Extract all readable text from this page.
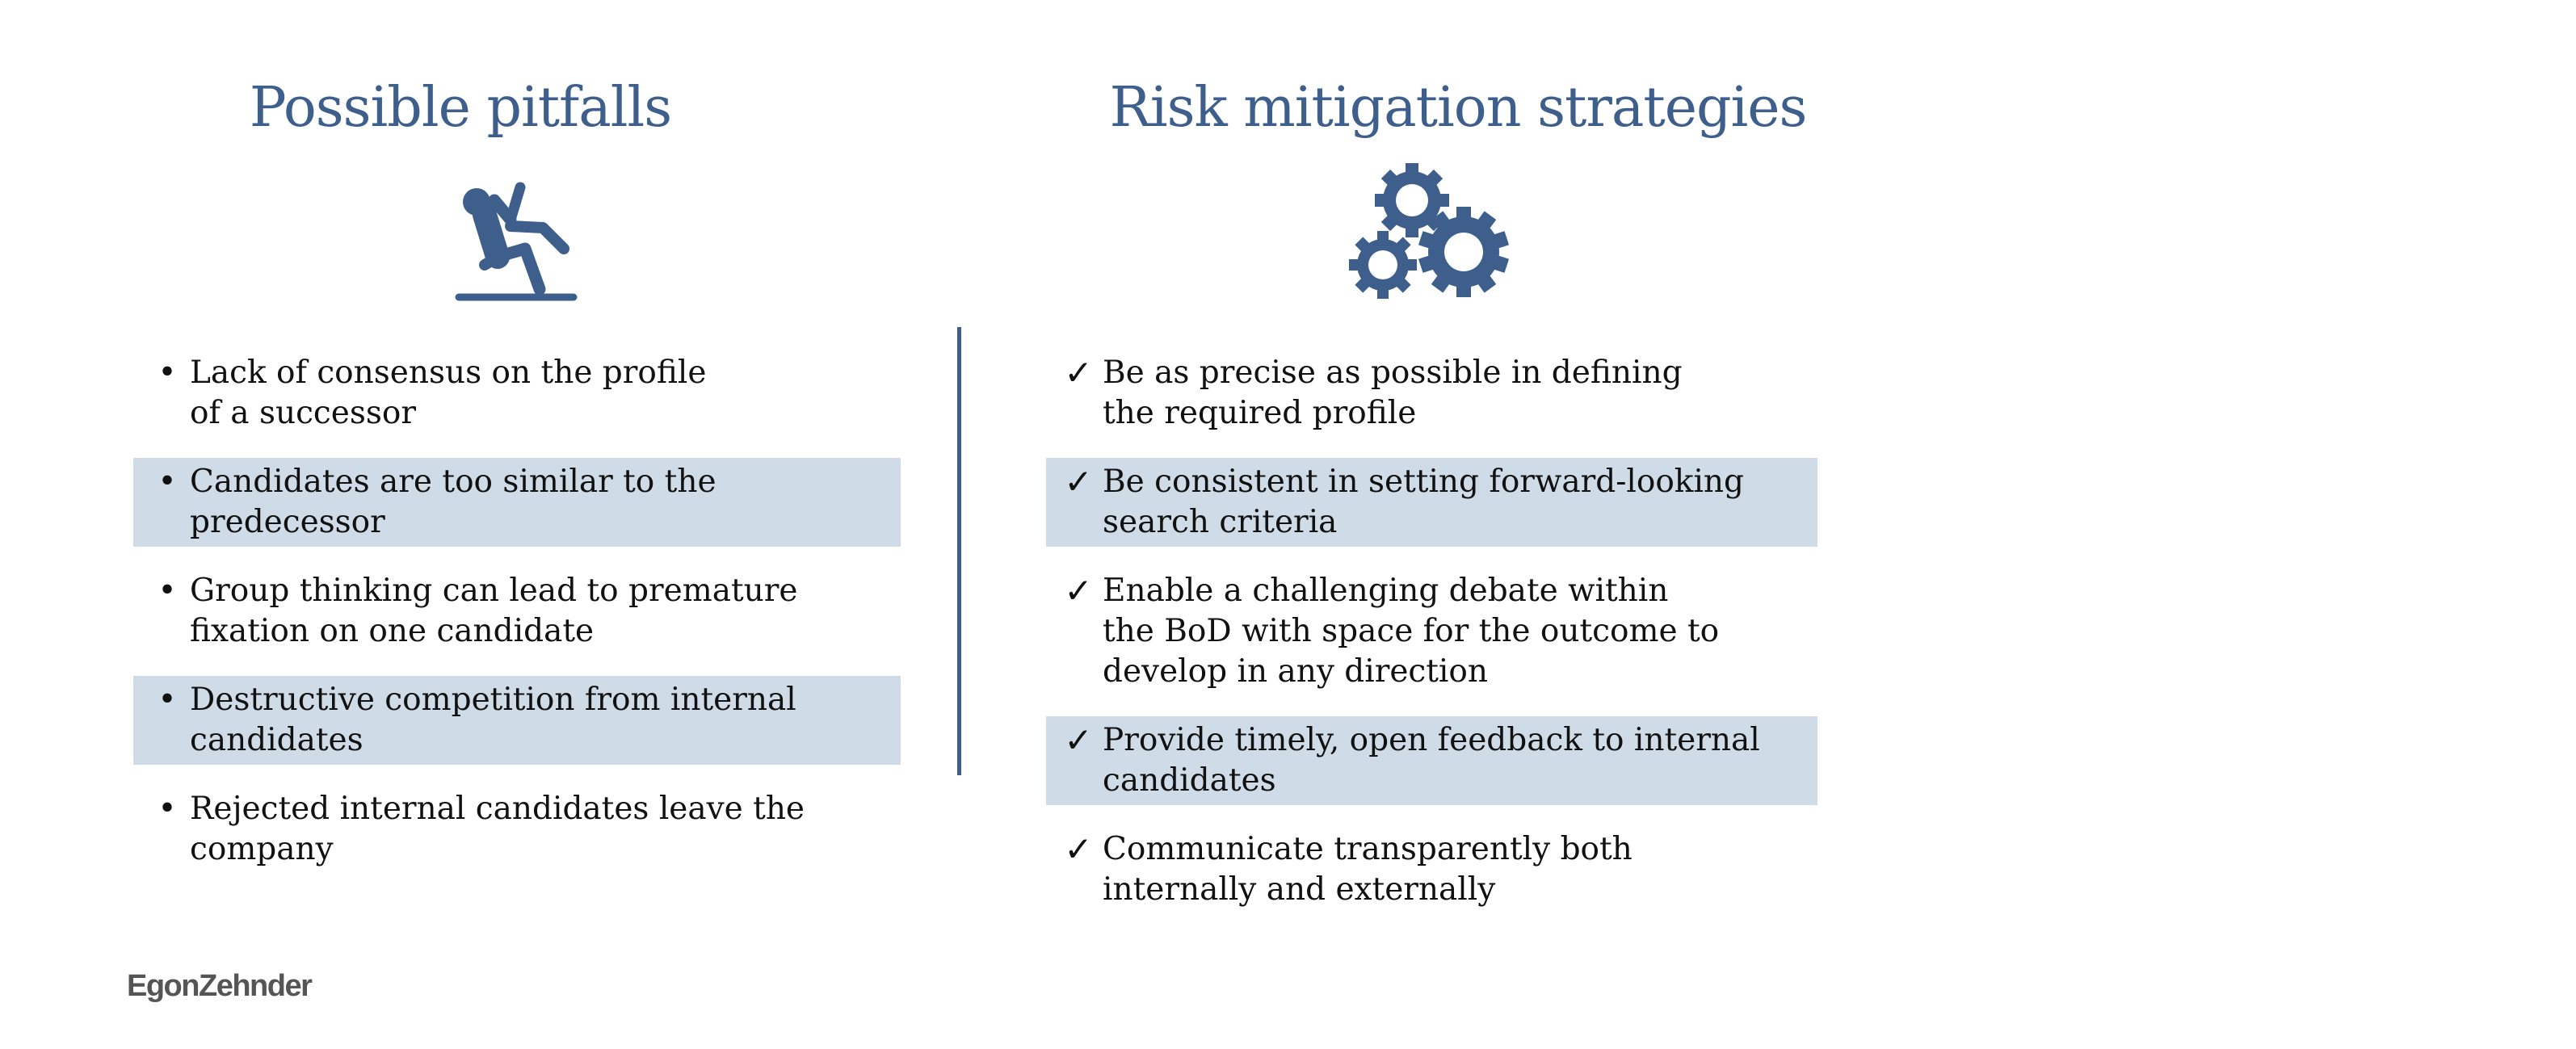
Possible pitfalls	Risk mitigation strategies
• Lack of consensus on the profile
of a successor
• Candidates are too similar to the
predecessor
• Group thinking can lead to premature
fixation on one candidate
• Destructive competition from internal
candidates
• Rejected internal candidates leave the
company
✓ Be as precise as possible in defining
the required profile
✓ Be consistent in setting forward-looking
search criteria
✓ Enable a challenging debate within
the BoD with space for the outcome to
develop in any direction
✓ Provide timely, open feedback to internal
candidates
✓ Communicate transparently both
internally and externally
EgonZehnder
